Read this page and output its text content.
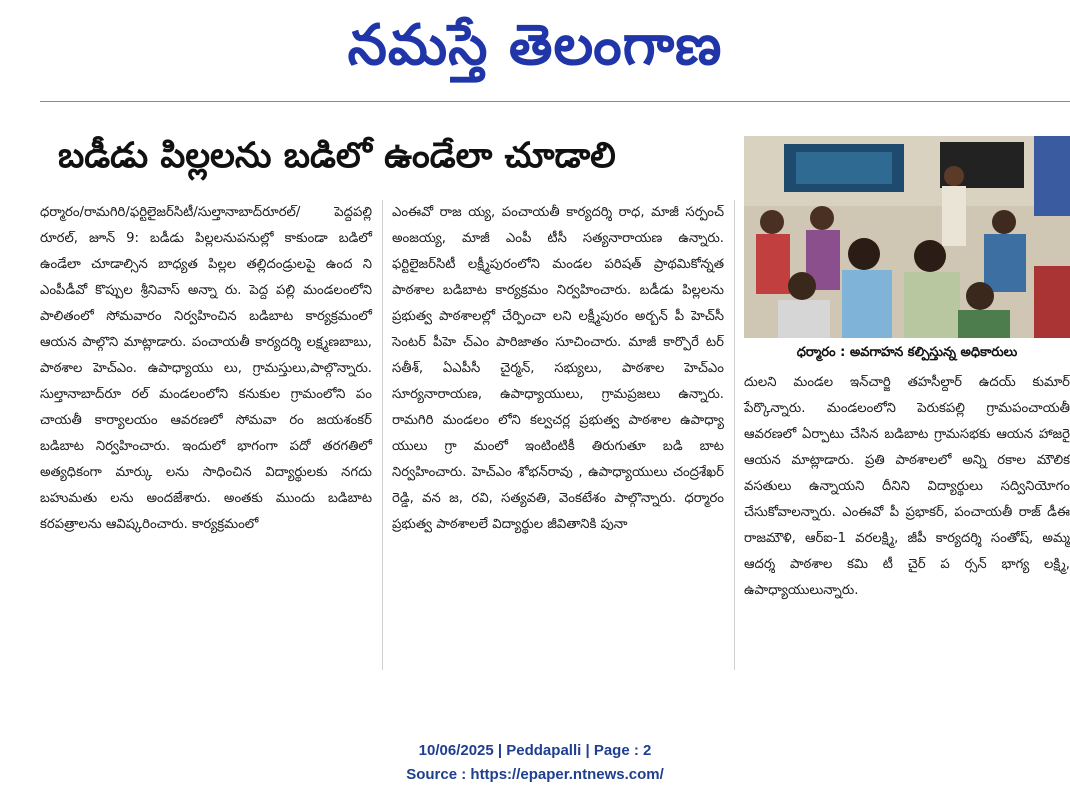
నమస్తే తెలంగాణ
బడీడు పిల్లలను బడిలో ఉండేలా చూడాలి

ధర్మారం/రామగిరి/ఫర్టిలైజర్‌సిటీ/సుల్తానాబాద్‌రూరల్/ పెద్దపల్లి రూరల్, జూన్ 9: బడీడు పిల్లలనుపనుల్లో కాకుండా బడిలో ఉండేలా చూడాల్సిన బాధ్యత పిల్లల తల్లిదండ్రులపై ఉంద ని ఎంపీడీవో కొప్పుల శ్రీనివాస్ అన్నా రు. పెద్ద పల్లి మండలంలోని పాలితంలో సోమవారం నిర్వహించిన బడిబాట కార్యక్రమంలో ఆయన పాల్గొని మాట్లాడారు. పంచాయతీ కార్యదర్శి లక్ష్మణబాబు, పాఠశాల హెచ్‌ఎం. ఉపాధ్యాయు లు, గ్రామస్తులు,పాల్గొన్నారు. సుల్తానాబాద్‌రూ రల్ మండలంలోని కనుకుల గ్రామంలోని పం చాయతీ కార్యాలయం ఆవరణలో సోమవా రం జయశంకర్ బడిబాట నిర్వహించారు. ఇందులో భాగంగా పదో తరగతిలో అత్యధికంగా మార్కు లను సాధించిన విద్యార్థులకు నగదు బహుమతు లను అందజేశారు. అంతకు ముందు బడిబాట కరపత్రాలను ఆవిష్కరించారు. కార్యక్రమంలో

ఎంఈవో రాజ య్య, పంచాయతీ కార్యదర్శి రాధ, మాజీ సర్పంచ్ అంజయ్య, మాజీ ఎంపీ టీసీ సత్యనారాయణ ఉన్నారు. ఫర్టిలైజర్‌సిటీ లక్ష్మీపురంలోని మండల పరిషత్ ప్రాథమికోన్నత పాఠశాల బడిబాట కార్యక్రమం నిర్వహించారు. బడీడు పిల్లలను ప్రభుత్వ పాఠశాలల్లో చేర్పించా లని లక్ష్మీపురం అర్బన్ పీ హెచ్‌సీ సెంటర్ పీహె చ్‌ఎం పారిజాతం సూచించారు. మాజీ కార్పొరే టర్ సతీశ్, ఏఎపీసీ చైర్మన్, సభ్యులు, పాఠశాల హెచ్‌ఎం సూర్యనారాయణ, ఉపాధ్యాయులు, గ్రామప్రజలు ఉన్నారు. రామగిరి మండలం లోని కల్వచర్ల ప్రభుత్వ పాఠశాల ఉపాధ్యా యులు గ్రా మంలో ఇంటింటికీ తిరుగుతూ బడి బాట నిర్వహించారు. హెచ్‌ఎం శోభన్‌రావు , ఉపాధ్యాయులు చంద్రశేఖర్ రెడ్డి, వన జ, రవి, సత్యవతి, వెంకటేశం పాల్గొన్నారు. ధర్మారం ప్రభుత్వ పాఠశాలలే విద్యార్థుల జీవితానికి పునా

ధర్మారం : అవగాహన కల్పిస్తున్న అధికారులు

దులని మండల ఇన్‌చార్జి తహసీల్దార్ ఉదయ్ కుమార్ పేర్కొన్నారు. మండలంలోని పెరుకపల్లి గ్రామపంచాయతీ ఆవరణలో ఏర్పాటు చేసిన బడిబాట గ్రామసభకు ఆయన హాజరై ఆయన మాట్లాడారు. ప్రతి పాఠశాలలో అన్ని రకాల మౌలిక వసతులు ఉన్నాయని దీనిని విద్యార్థులు సద్వినియోగం చేసుకోవాలన్నారు. ఎంఈవో పీ ప్రభాకర్, పంచాయతీ రాజ్ డీఈ రాజమౌళి, ఆర్ఐ-1 వరలక్ష్మి, జీపీ కార్యదర్శి సంతోష్, అమ్మ ఆదర్శ పాఠశాల కమి టీ చైర్ ప ర్సన్ భాగ్య లక్ష్మి, ఉపాధ్యాయులున్నారు.

10/06/2025 | Peddapalli | Page : 2
Source : https://epaper.ntnews.com/
